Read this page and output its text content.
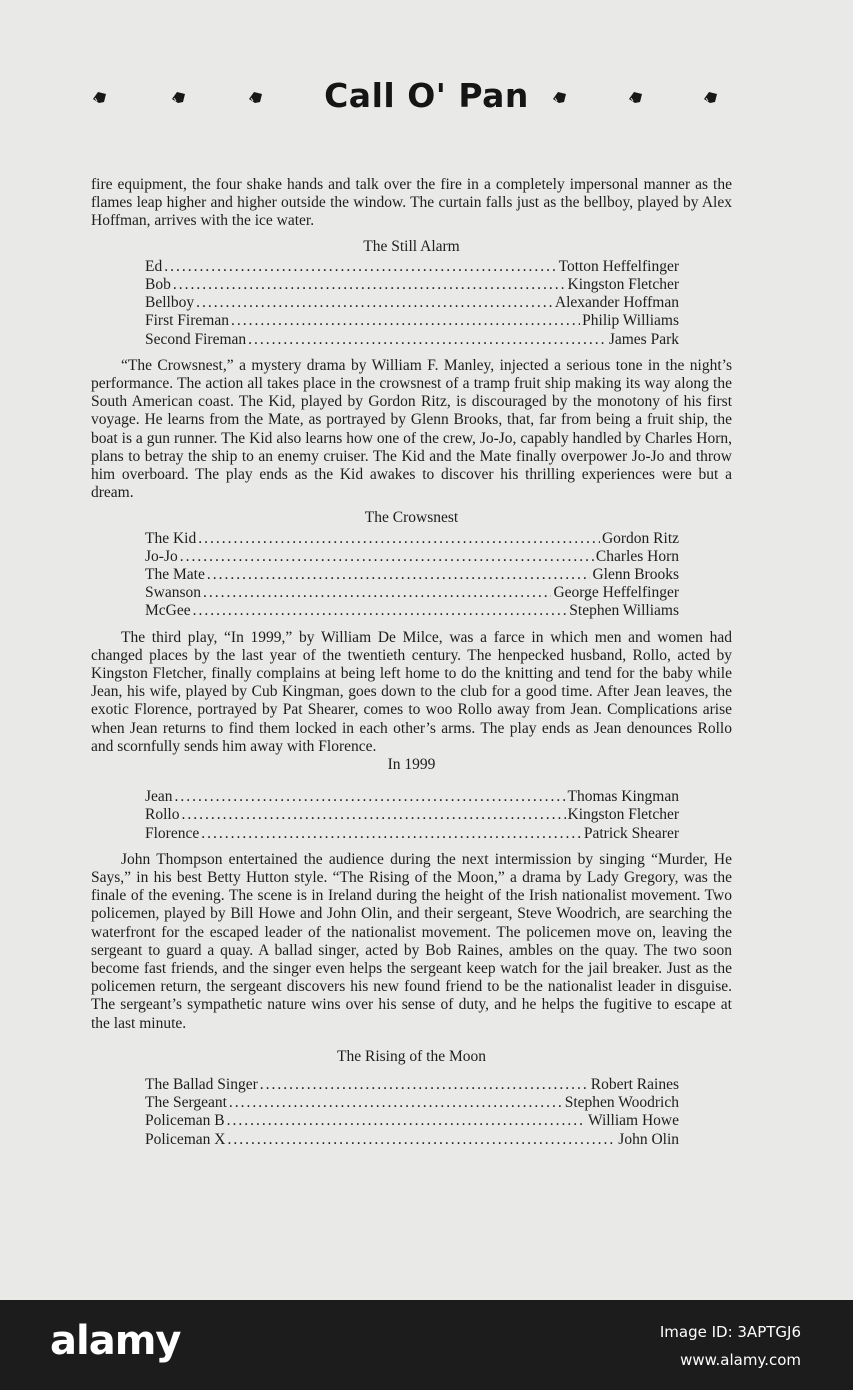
Call O' Pan

fire equipment, the four shake hands and talk over the fire in a completely impersonal manner as the flames leap higher and higher outside the window. The curtain falls just as the bellboy, played by Alex Hoffman, arrives with the ice water.

The Still Alarm
Ed .....	Totton Heffelfinger
Bob .....	Kingston Fletcher
Bellboy .....	Alexander Hoffman
First Fireman .....	Philip Williams
Second Fireman .....	James Park

“The Crowsnest,” a mystery drama by William F. Manley, injected a serious tone in the night’s performance. The action all takes place in the crowsnest of a tramp fruit ship making its way along the South American coast. The Kid, played by Gordon Ritz, is discouraged by the monotony of his first voyage. He learns from the Mate, as portrayed by Glenn Brooks, that, far from being a fruit ship, the boat is a gun runner. The Kid also learns how one of the crew, Jo-Jo, capably handled by Charles Horn, plans to betray the ship to an enemy cruiser. The Kid and the Mate finally overpower Jo-Jo and throw him overboard. The play ends as the Kid awakes to discover his thrilling experiences were but a dream.

The Crowsnest
The Kid .....	Gordon Ritz
Jo-Jo .....	Charles Horn
The Mate .....	Glenn Brooks
Swanson .....	George Heffelfinger
McGee .....	Stephen Williams

The third play, “In 1999,” by William De Milce, was a farce in which men and women had changed places by the last year of the twentieth century. The henpecked husband, Rollo, acted by Kingston Fletcher, finally complains at being left home to do the knitting and tend for the baby while Jean, his wife, played by Cub Kingman, goes down to the club for a good time. After Jean leaves, the exotic Florence, portrayed by Pat Shearer, comes to woo Rollo away from Jean. Complications arise when Jean returns to find them locked in each other’s arms. The play ends as Jean denounces Rollo and scornfully sends him away with Florence.

In 1999
Jean .....	Thomas Kingman
Rollo .....	Kingston Fletcher
Florence .....	Patrick Shearer

John Thompson entertained the audience during the next intermission by singing “Murder, He Says,” in his best Betty Hutton style. “The Rising of the Moon,” a drama by Lady Gregory, was the finale of the evening. The scene is in Ireland during the height of the Irish nationalist movement. Two policemen, played by Bill Howe and John Olin, and their sergeant, Steve Woodrich, are searching the waterfront for the escaped leader of the nationalist movement. The policemen move on, leaving the sergeant to guard a quay. A ballad singer, acted by Bob Raines, ambles on the quay. The two soon become fast friends, and the singer even helps the sergeant keep watch for the jail breaker. Just as the policemen return, the sergeant discovers his new found friend to be the nationalist leader in disguise. The sergeant’s sympathetic nature wins over his sense of duty, and he helps the fugitive to escape at the last minute.

The Rising of the Moon
The Ballad Singer .....	Robert Raines
The Sergeant .....	Stephen Woodrich
Policeman B .....	William Howe
Policeman X .....	John Olin
alamy	Image ID: 3APTGJ6
www.alamy.com
